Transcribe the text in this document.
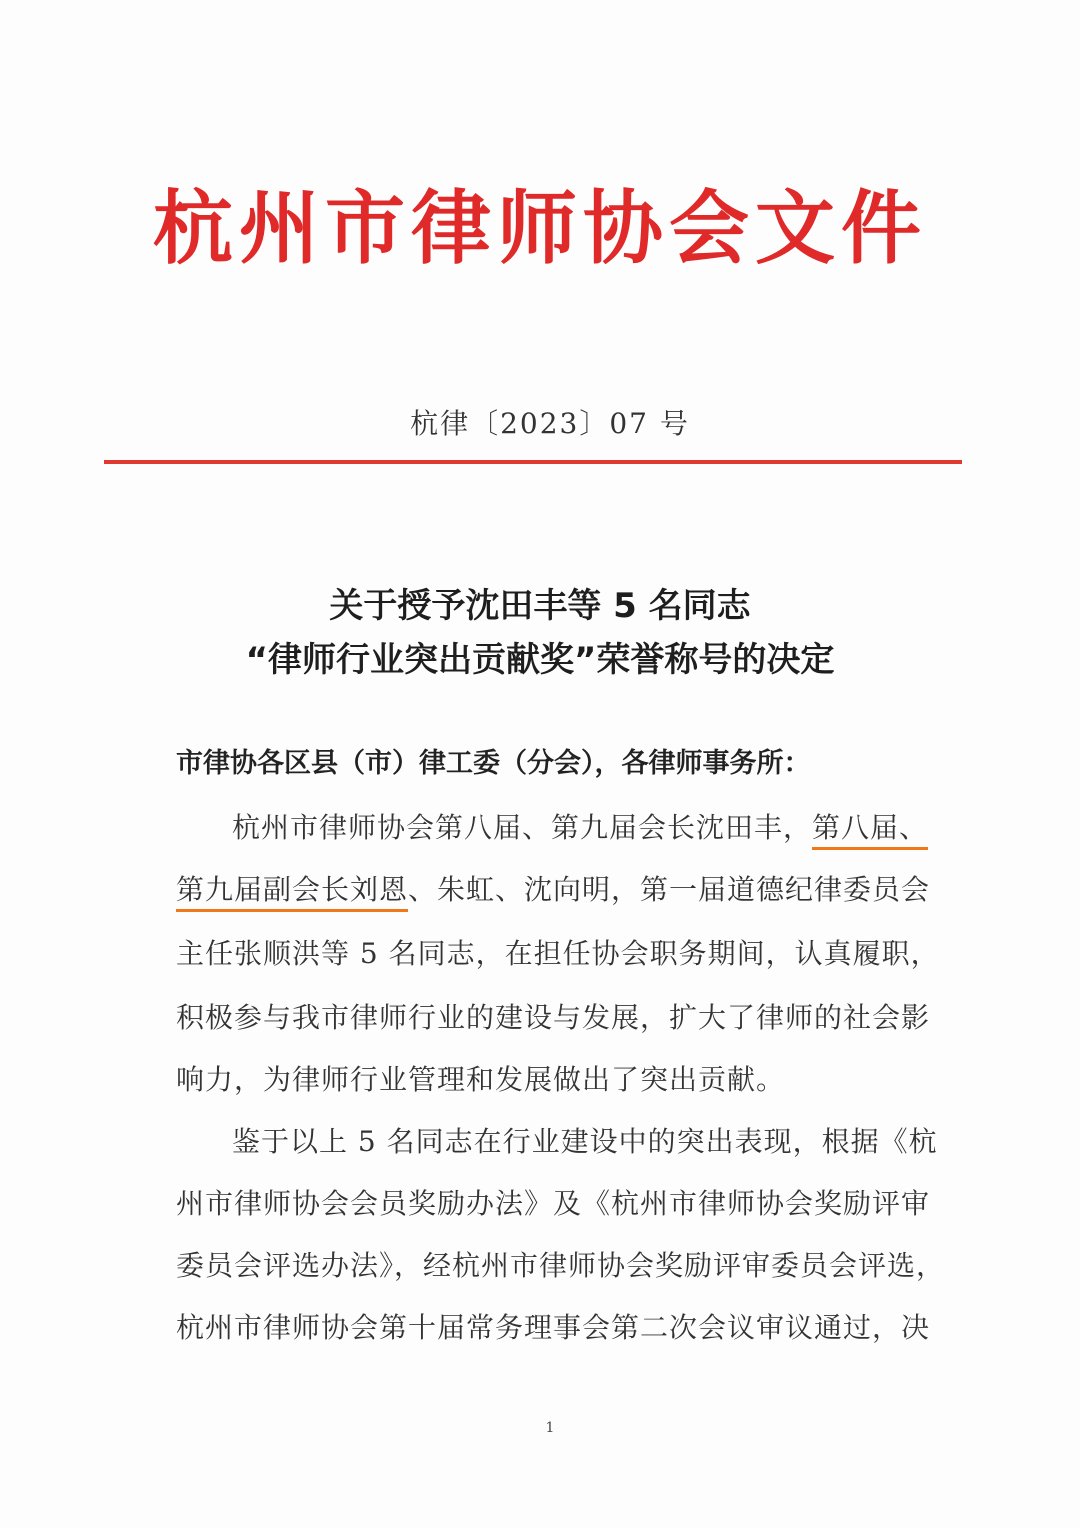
杭州市律师协会文件
杭律〔2023〕07 号
关于授予沈田丰等 5 名同志
“律师行业突出贡献奖”荣誉称号的决定
市律协各区县（市）律工委（分会），各律师事务所：
杭州市律师协会第八届、第九届会长沈田丰，第八届、
第九届副会长刘恩、朱虹、沈向明，第一届道德纪律委员会
主任张顺洪等 5 名同志，在担任协会职务期间，认真履职，
积极参与我市律师行业的建设与发展，扩大了律师的社会影
响力，为律师行业管理和发展做出了突出贡献。
鉴于以上 5 名同志在行业建设中的突出表现，根据《杭
州市律师协会会员奖励办法》及《杭州市律师协会奖励评审
委员会评选办法》，经杭州市律师协会奖励评审委员会评选，
杭州市律师协会第十届常务理事会第二次会议审议通过，决
1
